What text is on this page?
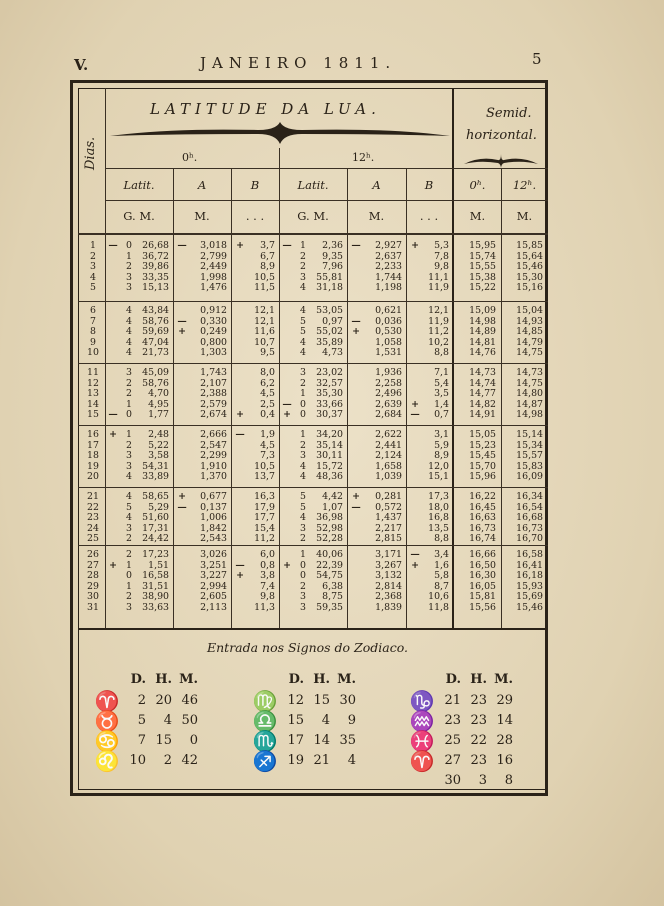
V.	JANEIRO 1811.	5
LATITUDE DA LUA.	Semid.
horizontal.
0ʰ.	12ʰ.
Dias.
Latit.
G. M.
A
M.
B
. . .
Latit.
G. M.
A
M.
B
. . .
0ʰ.
M.
12ʰ.
M.
1	— 0	26,68 —	3,018 +	3,7 — 1	2,36 —	2,927 +	5,3	15,95	15,85
2	1	36,72	2,799	6,7	2	9,35	2,637	7,8	15,74	15,64
3	2	39,86	2,449	8,9	2	7,96	2,233	9,8	15,55	15,46
4	3	33,35	1,998	10,5	3	55,81	1,744	11,1	15,38	15,30
5	3	15,13	1,476	11,5	4	31,18	1,198	11,9	15,22	15,16
6	4	43,84	0,912	12,1	4	53,05	0,621	12,1	15,09	15,04
7	4	58,76 —	0,330	12,1	5	0,97 —	0,036	11,9	14,98	14,93
8	4	59,69 +	0,249	11,6	5	55,02 +	0,530	11,2	14,89	14,85
9	4	47,04	0,800	10,7	4	35,89	1,058	10,2	14,81	14,79
10	4	21,73	1,303	9,5	4	4,73	1,531	8,8	14,76	14,75
11	3	45,09	1,743	8,0	3	23,02	1,936	7,1	14,73	14,73
12	2	58,76	2,107	6,2	2	32,57	2,258	5,4	14,74	14,75
13	2	4,70	2,388	4,5	1	35,30	2,496	3,5	14,77	14,80
14	1	4,95	2,579	2,5 — 0	33,66	2,639 +	1,4	14,82	14,87
15 — 0	1,77	2,674 +	0,4 + 0	30,37	2,684 —	0,7	14,91	14,98
16	+ 1	2,48	2,666 —	1,9	1	34,20	2,622	3,1	15,05	15,14
17	2	5,22	2,547	4,5	2	35,14	2,441	5,9	15,23	15,34
18	3	3,58	2,299	7,3	3	30,11	2,124	8,9	15,45	15,57
19	3	54,31	1,910	10,5	4	15,72	1,658	12,0	15,70	15,83
20	4	33,89	1,370	13,7	4	48,36	1,039	15,1	15,96	16,09
21	4	58,65 +	0,677	16,3	5	4,42 +	0,281	17,3	16,22	16,34
22	5	5,29 —	0,137	17,9	5	1,07 —	0,572	18,0	16,45	16,54
23	4	51,60	1,006	17,7	4	36,98	1,437	16,8	16,63	16,68
24	3	17,31	1,842	15,4	3	52,98	2,217	13,5	16,73	16,73
25	2	24,42	2,543	11,2	2	52,28	2,815	8,8	16,74	16,70
26	2	17,23	3,026	6,0	1	40,06	3,171 —	3,4	16,66	16,58
27	+ 1	1,51	3,251 —	0,8 + 0	22,39	3,267 +	1,6	16,50	16,41
28	0	16,58	3,227 +	3,8	0	54,75	3,132	5,8	16,30	16,18
29	1	31,51	2,994	7,4	2	6,38	2,814	8,7	16,05	15,93
30	2	38,90	2,605	9,8	3	8,75	2,368	10,6	15,81	15,69
31	3	33,63	2,113	11,3	3	59,35	1,839	11,8	15,56	15,46
Entrada nos Signos do Zodiaco.
D. H. M.
♈	2 20 46
♉	5	4 50
♋	7 15	0
♌ 10	2 42
D. H. M.
♍ 12 15 30
♎ 15	4	9
♏ 17 14 35
♐ 19 21	4
D. H. M.
♑ 21 23 29
♒ 23 23 14
♓ 25 22 28
♈ 27 23 16
30	3	8
